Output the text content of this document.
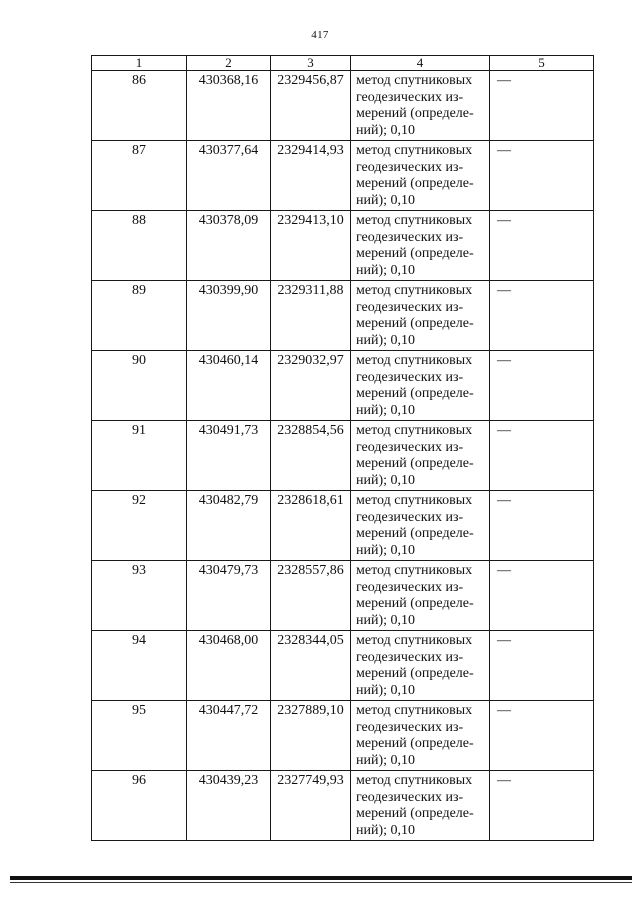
417
1	2	3	4	5
86	430368,16	2329456,87	метод спутниковых
геодезических из-
мерений (определе-
ний); 0,10	—
87	430377,64	2329414,93	метод спутниковых
геодезических из-
мерений (определе-
ний); 0,10	—
88	430378,09	2329413,10	метод спутниковых
геодезических из-
мерений (определе-
ний); 0,10	—
89	430399,90	2329311,88	метод спутниковых
геодезических из-
мерений (определе-
ний); 0,10	—
90	430460,14	2329032,97	метод спутниковых
геодезических из-
мерений (определе-
ний); 0,10	—
91	430491,73	2328854,56	метод спутниковых
геодезических из-
мерений (определе-
ний); 0,10	—
92	430482,79	2328618,61	метод спутниковых
геодезических из-
мерений (определе-
ний); 0,10	—
93	430479,73	2328557,86	метод спутниковых
геодезических из-
мерений (определе-
ний); 0,10	—
94	430468,00	2328344,05	метод спутниковых
геодезических из-
мерений (определе-
ний); 0,10	—
95	430447,72	2327889,10	метод спутниковых
геодезических из-
мерений (определе-
ний); 0,10	—
96	430439,23	2327749,93	метод спутниковых
геодезических из-
мерений (определе-
ний); 0,10	—
